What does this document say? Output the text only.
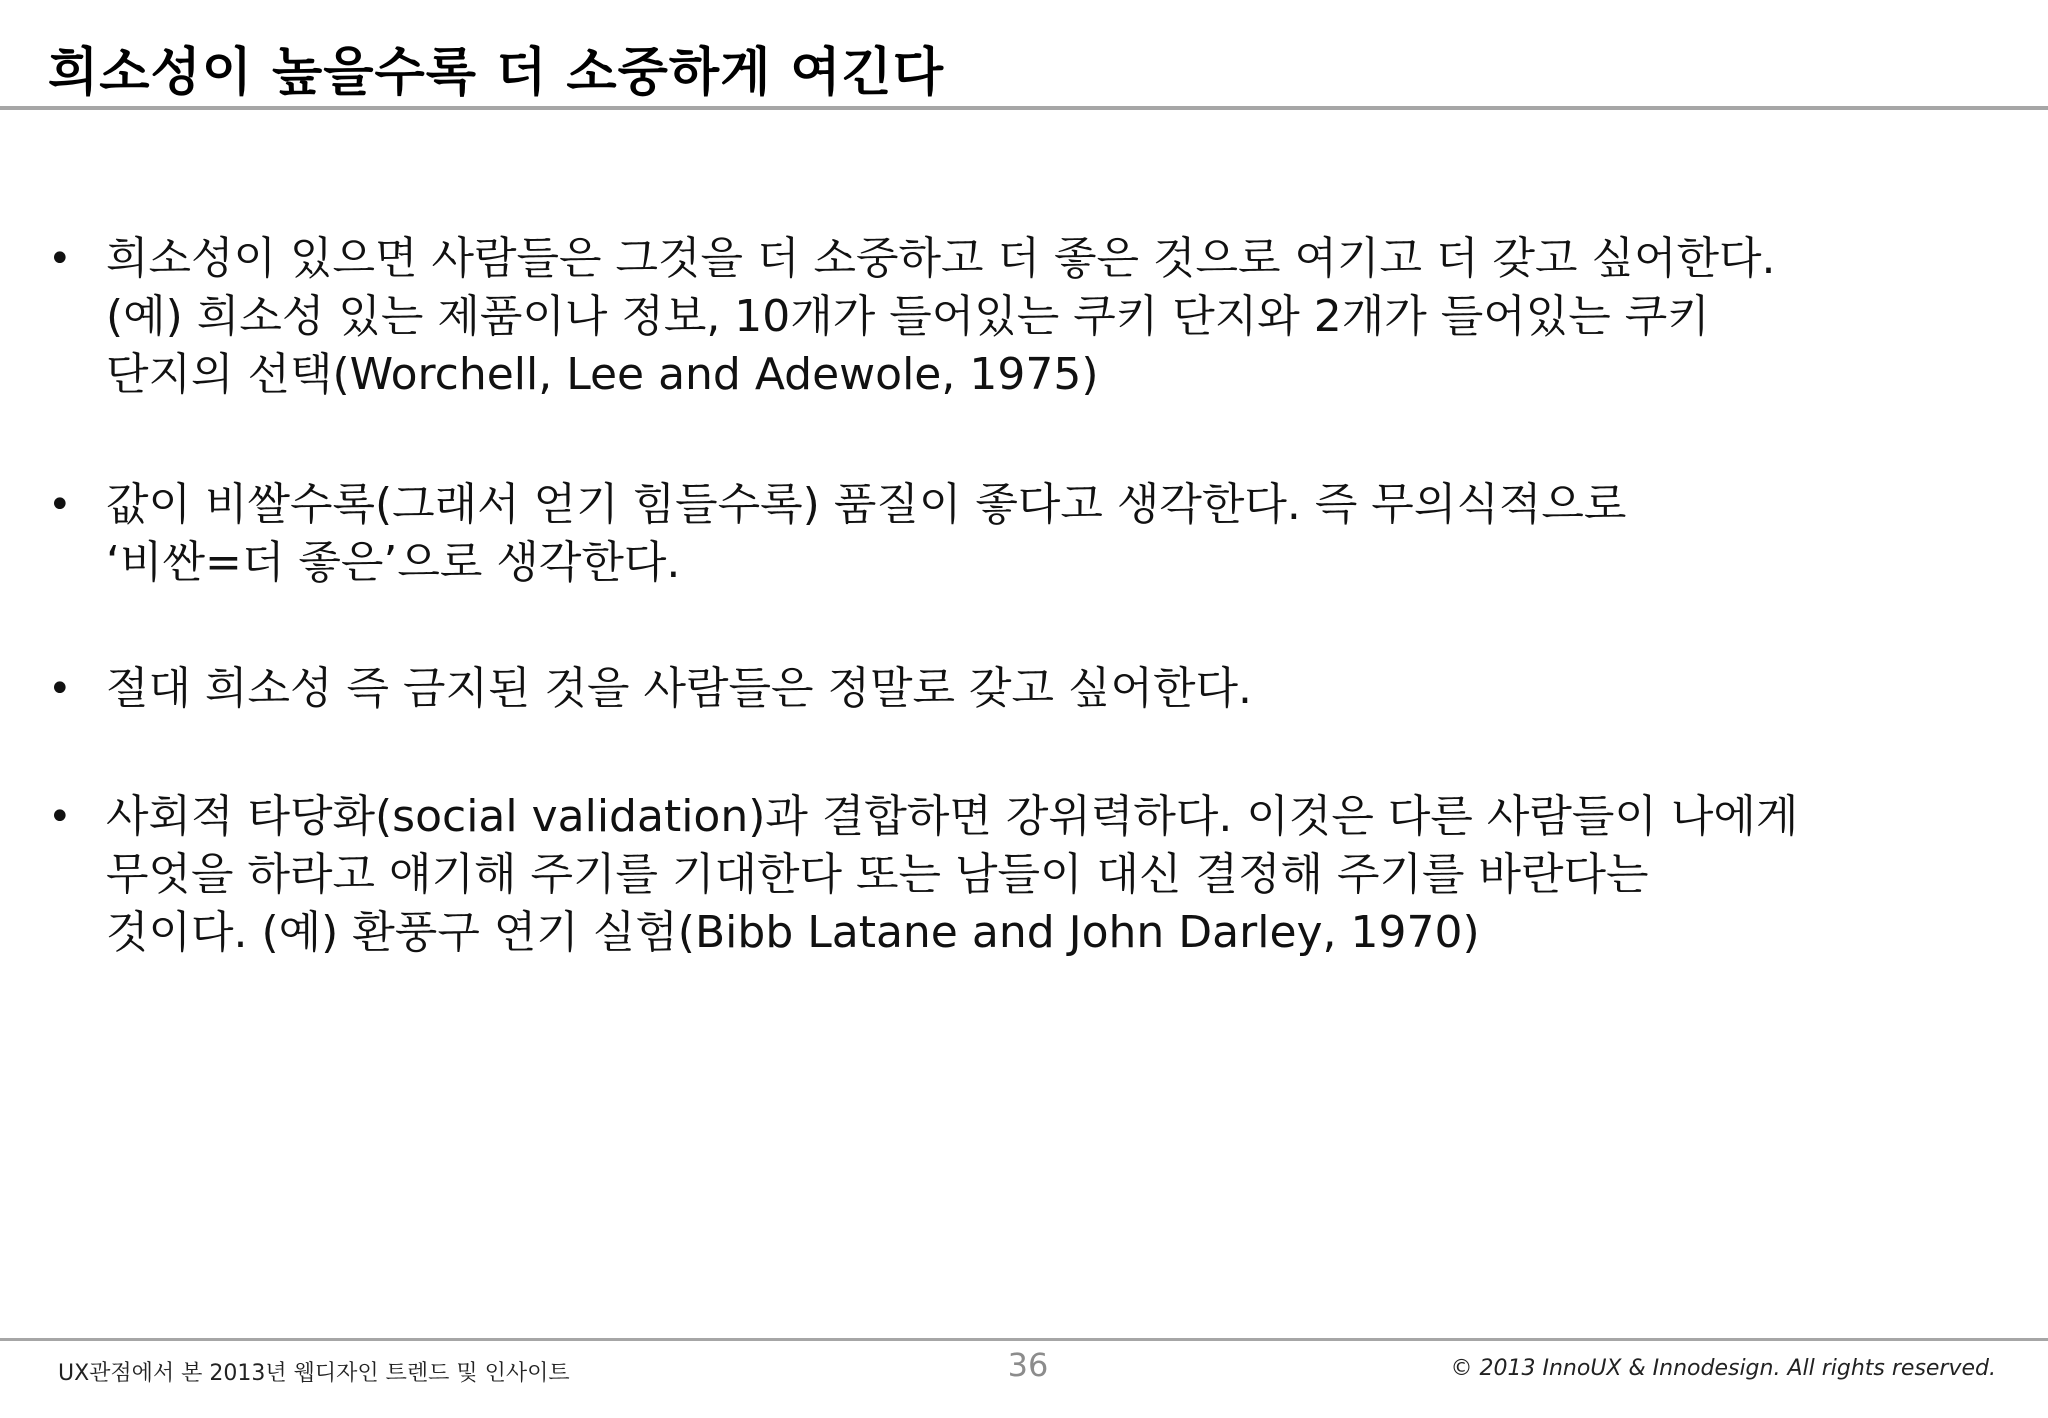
희소성이 높을수록 더 소중하게 여긴다
• 희소성이 있으면 사람들은 그것을 더 소중하고 더 좋은 것으로 여기고 더 갖고 싶어한다.
(예) 희소성 있는 제품이나 정보, 10개가 들어있는 쿠키 단지와 2개가 들어있는 쿠키
단지의 선택(Worchell, Lee and Adewole, 1975)
• 값이 비쌀수록(그래서 얻기 힘들수록) 품질이 좋다고 생각한다. 즉 무의식적으로
‘비싼=더 좋은’으로 생각한다.
• 절대 희소성 즉 금지된 것을 사람들은 정말로 갖고 싶어한다.
• 사회적 타당화(social validation)과 결합하면 강위력하다. 이것은 다른 사람들이 나에게
무엇을 하라고 얘기해 주기를 기대한다 또는 남들이 대신 결정해 주기를 바란다는
것이다. (예) 환풍구 연기 실험(Bibb Latane and John Darley, 1970)
UX관점에서 본 2013년 웹디자인 트렌드 및 인사이트	36	© 2013 InnoUX & Innodesign. All rights reserved.
